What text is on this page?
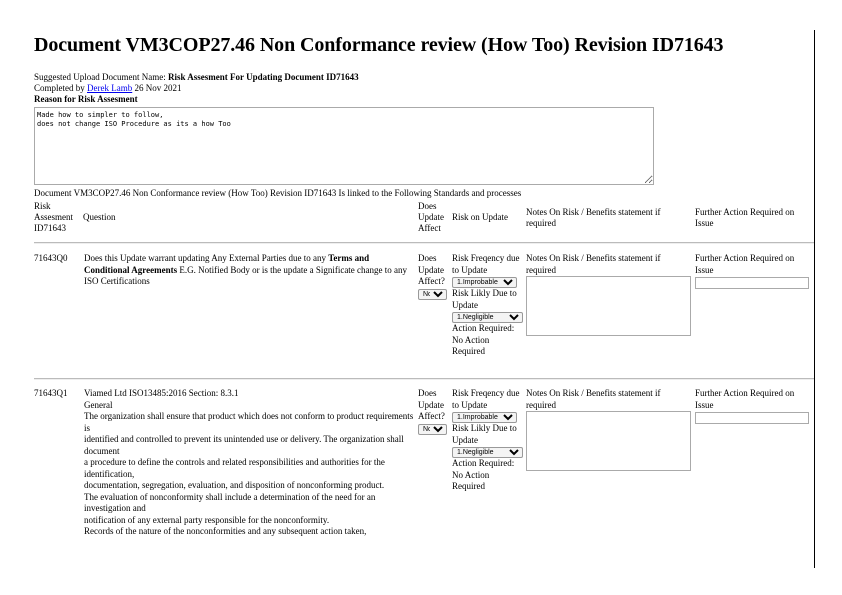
Document VM3COP27.46 Non Conformance review (How Too) Revision ID71643
Suggested Upload Document Name: Risk Assesment For Updating Document ID71643
Completed by Derek Lamb 26 Nov 2021
Reason for Risk Assesment
Made how to simpler to follow,
does not change ISO Procedure as its a how Too
Document VM3COP27.46 Non Conformance review (How Too) Revision ID71643 Is linked to the Following Standards and processes
Risk Assesment ID71643
Question
Does Update Affect
Risk on Update	Notes On Risk / Benefits statement if required
Further Action Required on Issue
71643Q0 Does this Update warrant updating Any External Parties due to any Terms and Conditional Agreements E.G. Notified Body or is the update a Significate change to any ISO Certifications
Does Update Affect?
No
Risk Freqency due to Update
1.Improbable
Risk Likly Due to Update
1.Negligible
Action Required:
No Action Required
Notes On Risk / Benefits statement if required
Further Action Required on Issue
71643Q1 Viamed Ltd ISO13485:2016 Section: 8.3.1
General
The organization shall ensure that product which does not conform to product requirements is
identified and controlled to prevent its unintended use or delivery. The organization shall document
a procedure to define the controls and related responsibilities and authorities for the identification,
documentation, segregation, evaluation, and disposition of nonconforming product.
The evaluation of nonconformity shall include a determination of the need for an investigation and
notification of any external party responsible for the nonconformity.
Records of the nature of the nonconformities and any subsequent action taken,
Does Update Affect?
No
Risk Freqency due to Update
1.Improbable
Risk Likly Due to Update
1.Negligible
Action Required:
No Action Required
Notes On Risk / Benefits statement if required
Further Action Required on Issue
